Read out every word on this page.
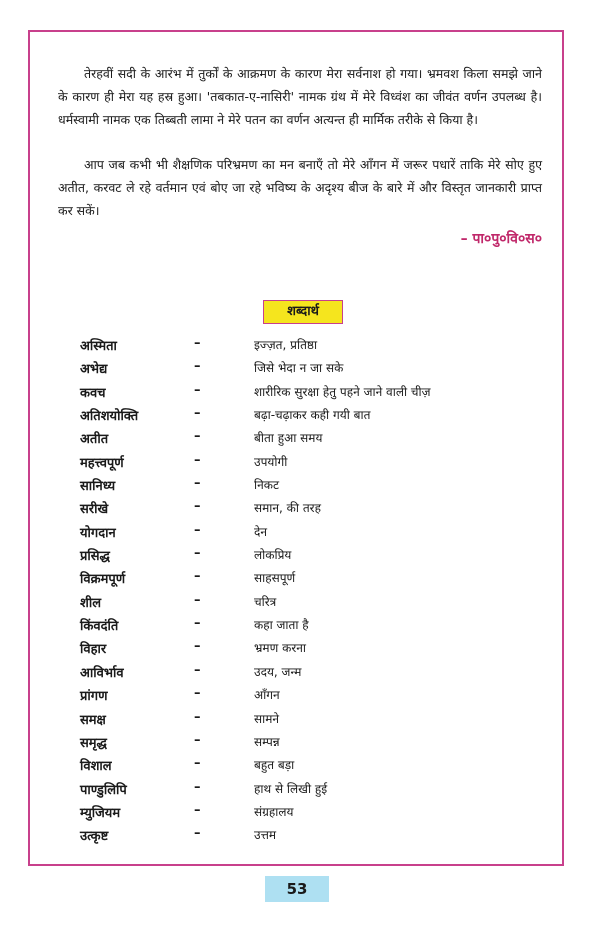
तेरहवीं सदी के आरंभ में तुर्कों के आक्रमण के कारण मेरा सर्वनाश हो गया। भ्रमवश किला समझे जाने के कारण ही मेरा यह हस्र हुआ। 'तबकात-ए-नासिरी' नामक ग्रंथ में मेरे विध्वंश का जीवंत वर्णन उपलब्ध है। धर्मस्वामी नामक एक तिब्बती लामा ने मेरे पतन का वर्णन अत्यन्त ही मार्मिक तरीके से किया है।

आप जब कभी भी शैक्षणिक परिभ्रमण का मन बनाएँ तो मेरे आँगन में जरूर पधारें ताकि मेरे सोए हुए अतीत, करवट ले रहे वर्तमान एवं बोए जा रहे भविष्य के अदृश्य बीज के बारे में और विस्तृत जानकारी प्राप्त कर सकें।

– पा०पु०वि०स०

शब्दार्थ
अस्मिता	–	इज्ज़त, प्रतिष्ठा
अभेद्य	–	जिसे भेदा न जा सके
कवच	–	शारीरिक सुरक्षा हेतु पहने जाने वाली चीज़
अतिशयोक्ति	–	बढ़ा-चढ़ाकर कही गयी बात
अतीत	–	बीता हुआ समय
महत्त्वपूर्ण	–	उपयोगी
सानिध्य	–	निकट
सरीखे	–	समान, की तरह
योगदान	–	देन
प्रसिद्ध	–	लोकप्रिय
विक्रमपूर्ण	–	साहसपूर्ण
शील	–	चरित्र
किंवदंति	–	कहा जाता है
विहार	–	भ्रमण करना
आविर्भाव	–	उदय, जन्म
प्रांगण	–	आँगन
समक्ष	–	सामने
समृद्ध	–	सम्पन्न
विशाल	–	बहुत बड़ा
पाण्डुलिपि	–	हाथ से लिखी हुई
म्युजियम	–	संग्रहालय
उत्कृष्ट	–	उत्तम
53
